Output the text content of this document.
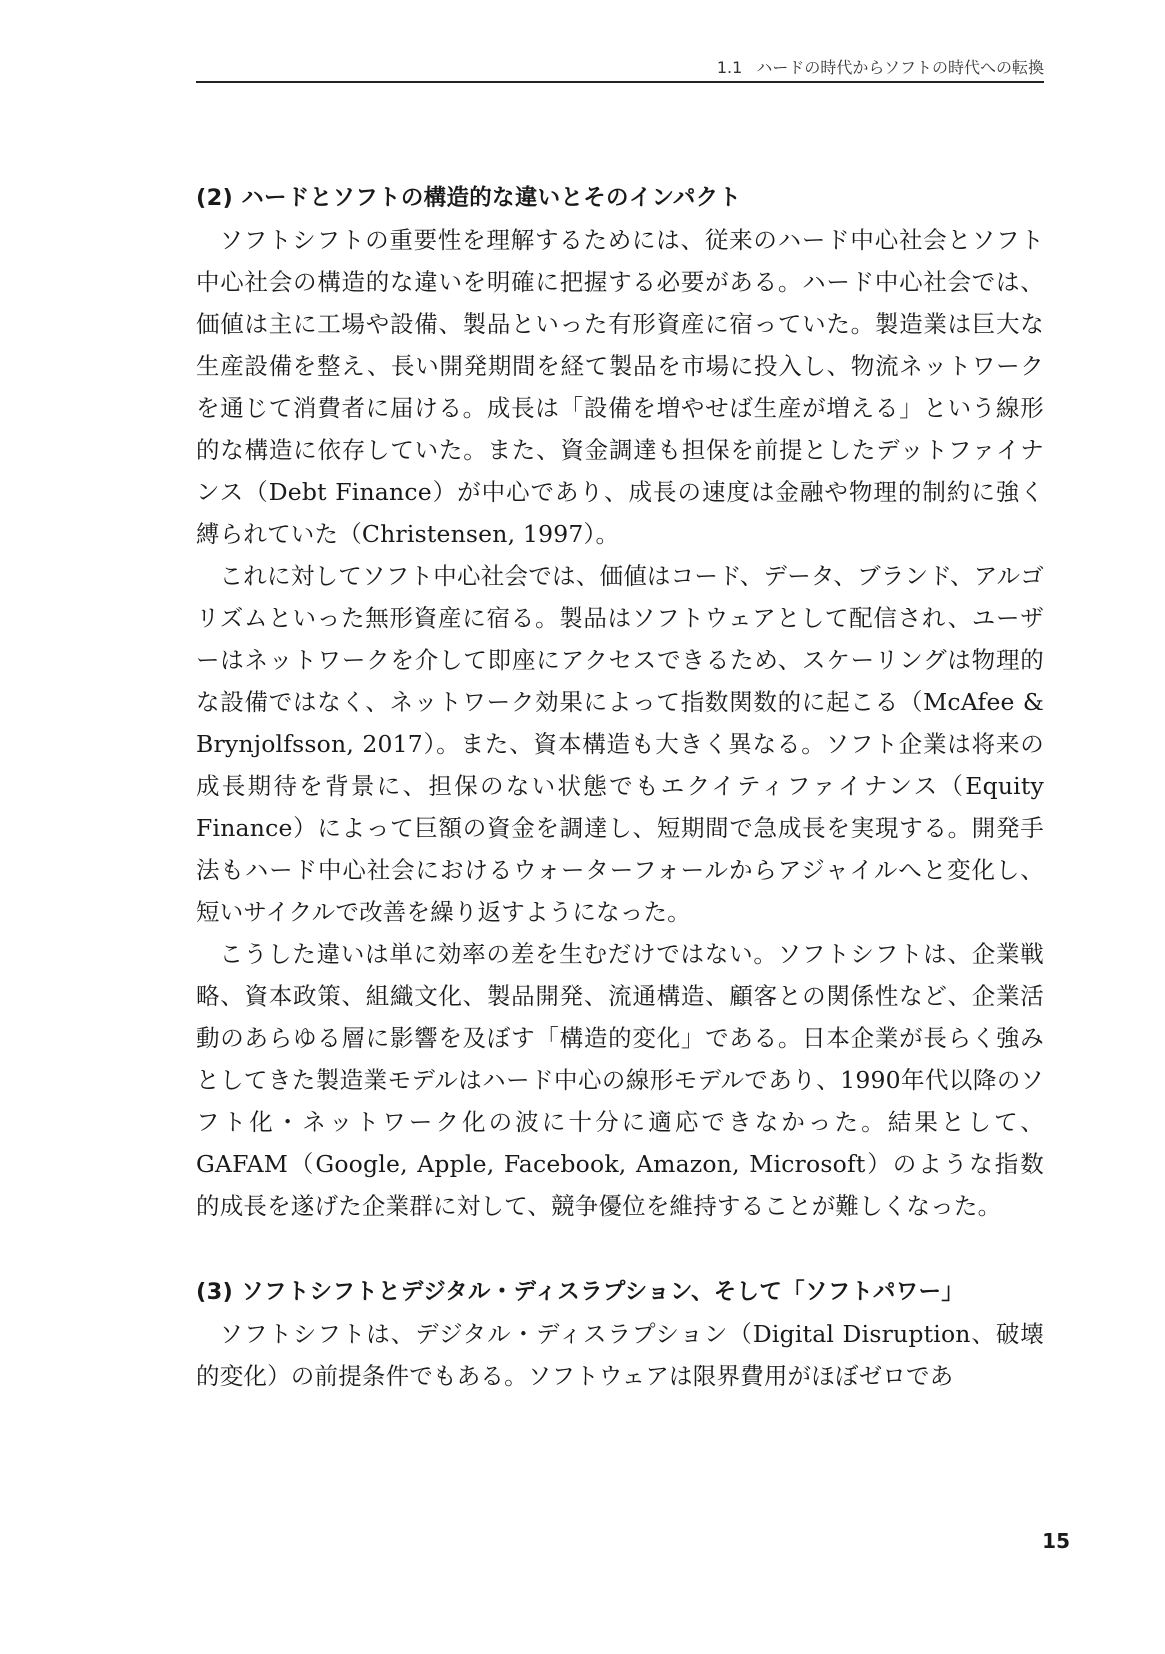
1.1 ハードの時代からソフトの時代への転換
(2) ハードとソフトの構造的な違いとそのインパクト

ソフトシフトの重要性を理解するためには、従来のハード中心社会とソフト中心社会の構造的な違いを明確に把握する必要がある。ハード中心社会では、価値は主に工場や設備、製品といった有形資産に宿っていた。製造業は巨大な生産設備を整え、長い開発期間を経て製品を市場に投入し、物流ネットワークを通じて消費者に届ける。成長は「設備を増やせば生産が増える」という線形的な構造に依存していた。また、資金調達も担保を前提としたデットファイナンス（Debt Finance）が中心であり、成長の速度は金融や物理的制約に強く縛られていた（Christensen, 1997）。

これに対してソフト中心社会では、価値はコード、データ、ブランド、アルゴリズムといった無形資産に宿る。製品はソフトウェアとして配信され、ユーザーはネットワークを介して即座にアクセスできるため、スケーリングは物理的な設備ではなく、ネットワーク効果によって指数関数的に起こる（McAfee & Brynjolfsson, 2017）。また、資本構造も大きく異なる。ソフト企業は将来の成長期待を背景に、担保のない状態でもエクイティファイナンス（Equity Finance）によって巨額の資金を調達し、短期間で急成長を実現する。開発手法もハード中心社会におけるウォーターフォールからアジャイルへと変化し、短いサイクルで改善を繰り返すようになった。

こうした違いは単に効率の差を生むだけではない。ソフトシフトは、企業戦略、資本政策、組織文化、製品開発、流通構造、顧客との関係性など、企業活動のあらゆる層に影響を及ぼす「構造的変化」である。日本企業が長らく強みとしてきた製造業モデルはハード中心の線形モデルであり、1990年代以降のソフト化・ネットワーク化の波に十分に適応できなかった。結果として、GAFAM（Google, Apple, Facebook, Amazon, Microsoft）のような指数的成長を遂げた企業群に対して、競争優位を維持することが難しくなった。

(3) ソフトシフトとデジタル・ディスラプション、そして「ソフトパワー」

ソフトシフトは、デジタル・ディスラプション（Digital Disruption、破壊的変化）の前提条件でもある。ソフトウェアは限界費用がほぼゼロであ

15
